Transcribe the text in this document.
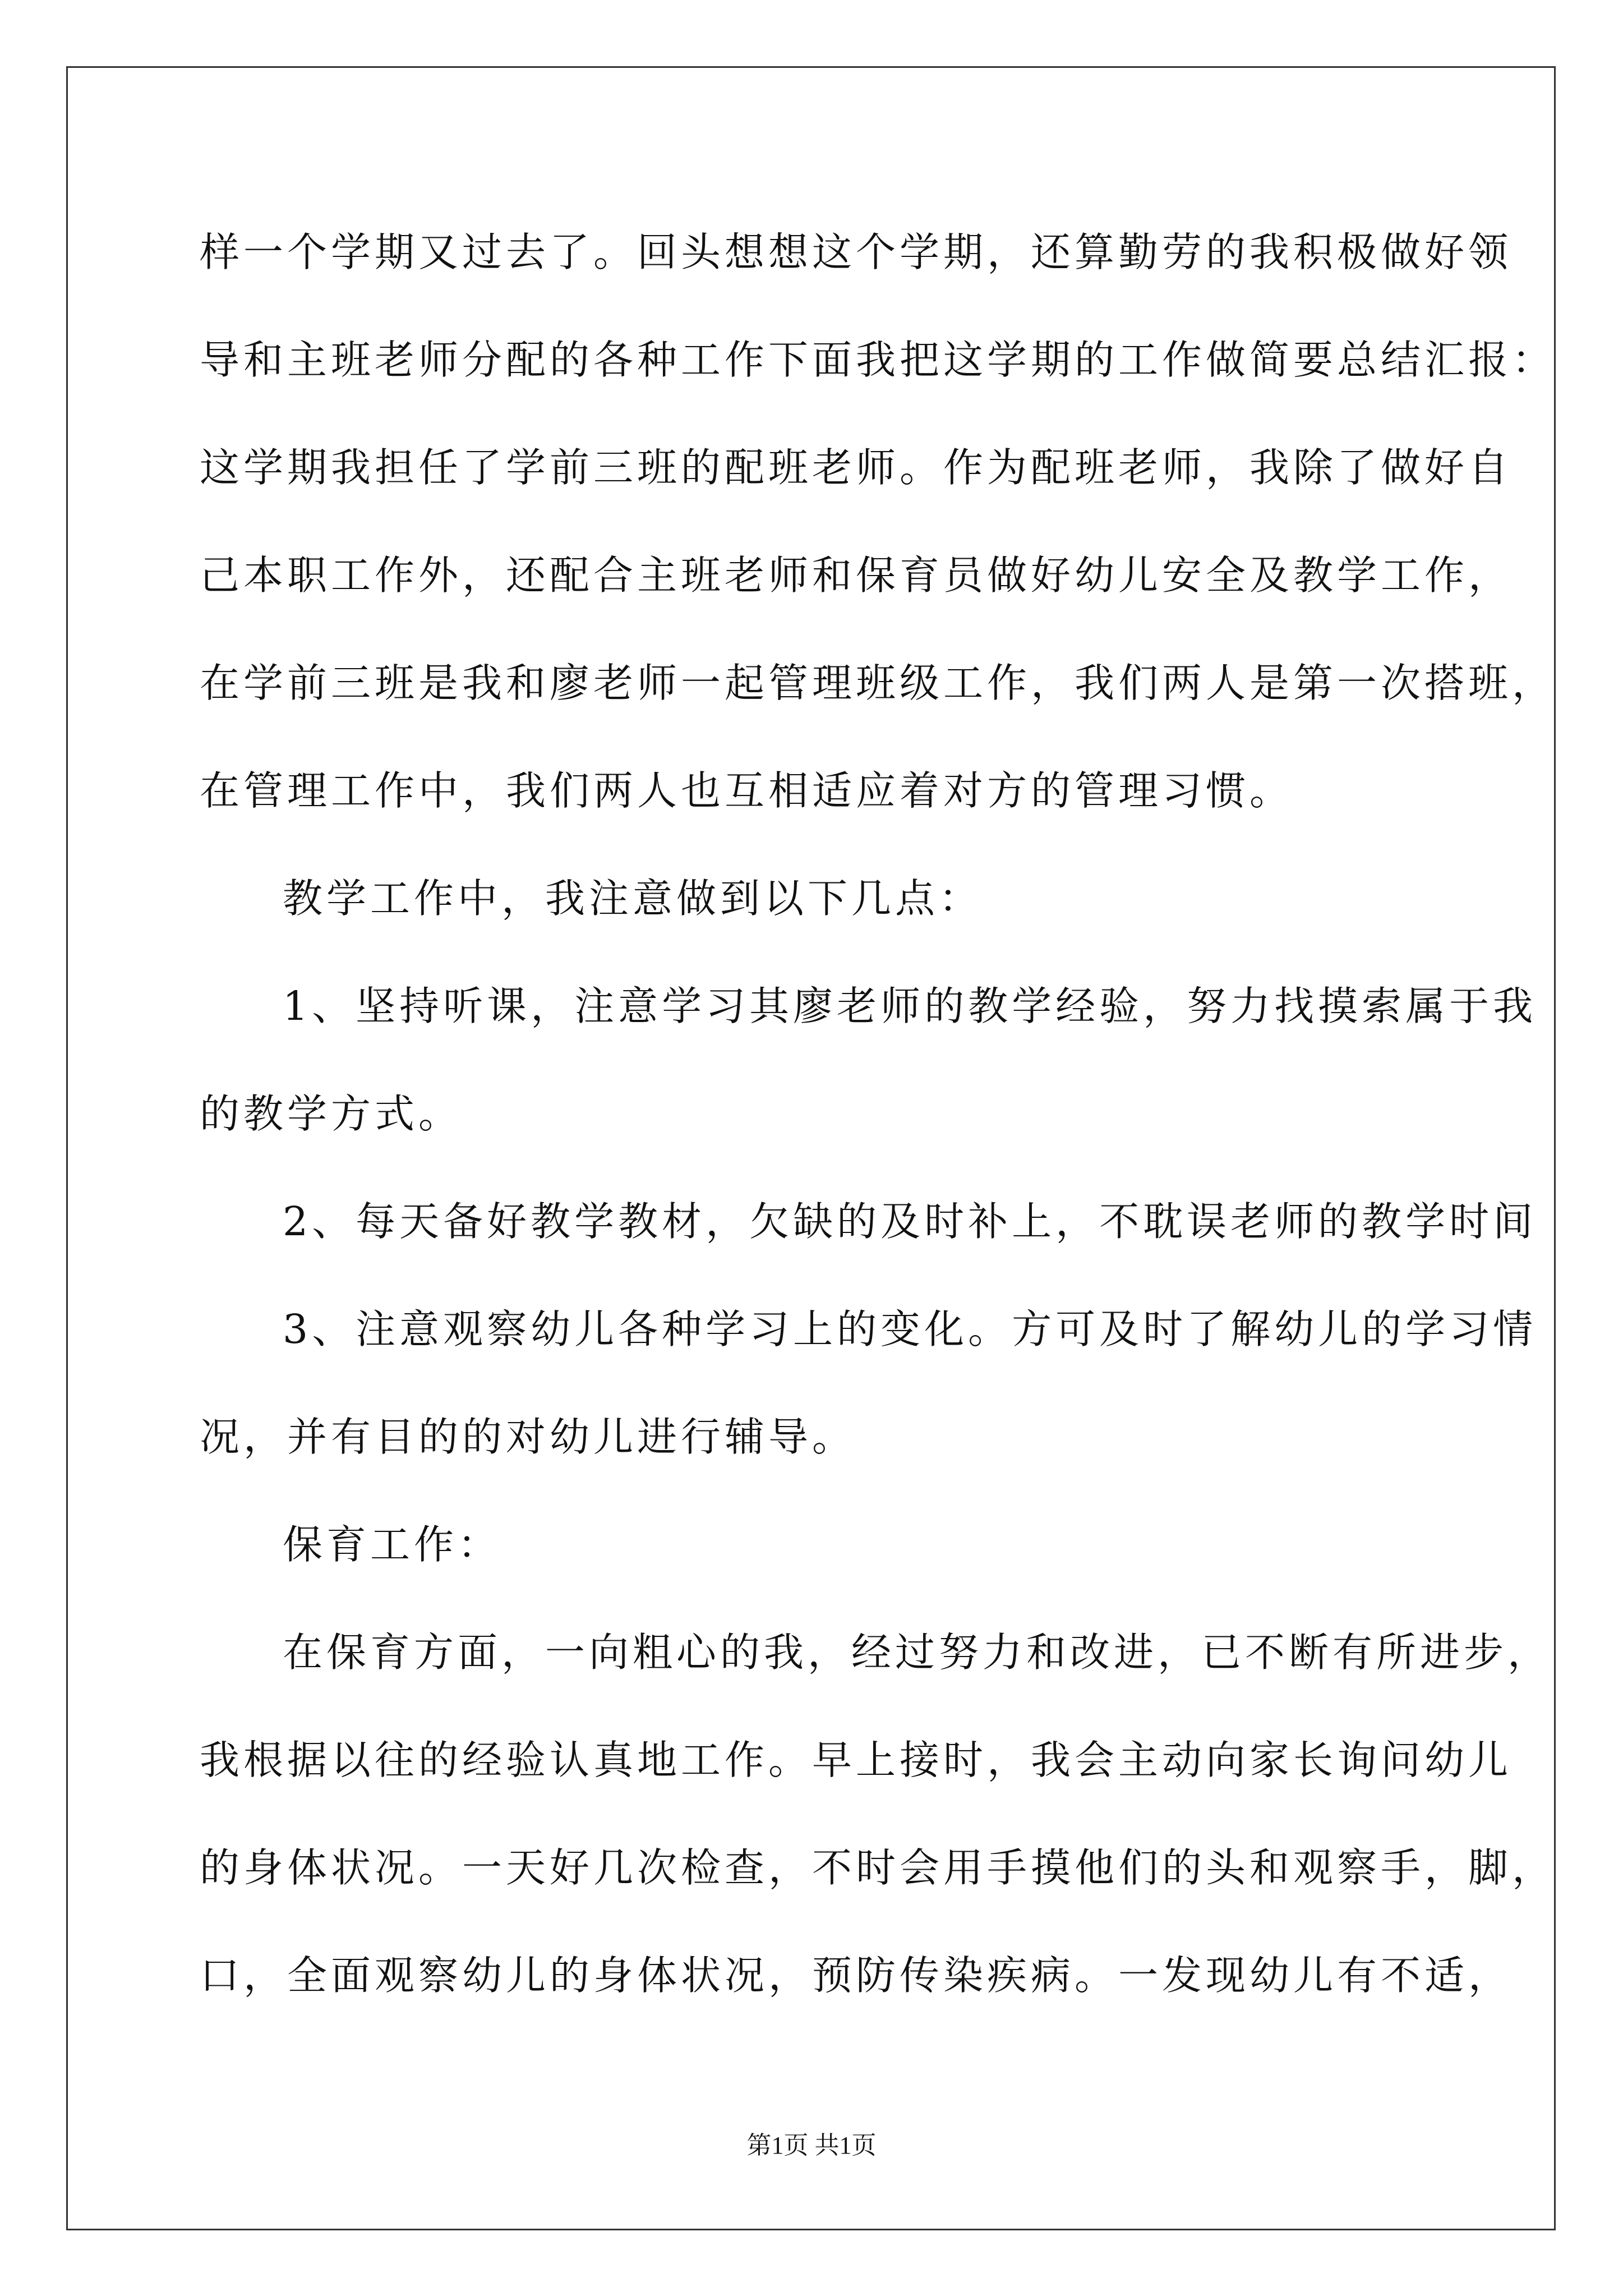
样一个学期又过去了。回头想想这个学期，还算勤劳的我积极做好领
导和主班老师分配的各种工作下面我把这学期的工作做简要总结汇报：
这学期我担任了学前三班的配班老师。作为配班老师，我除了做好自
己本职工作外，还配合主班老师和保育员做好幼儿安全及教学工作，
在学前三班是我和廖老师一起管理班级工作，我们两人是第一次搭班，
在管理工作中，我们两人也互相适应着对方的管理习惯。
教学工作中，我注意做到以下几点：
1、坚持听课，注意学习其廖老师的教学经验，努力找摸索属于我
的教学方式。
2、每天备好教学教材，欠缺的及时补上，不耽误老师的教学时间
3、注意观察幼儿各种学习上的变化。方可及时了解幼儿的学习情
况，并有目的的对幼儿进行辅导。
保育工作：
在保育方面，一向粗心的我，经过努力和改进，已不断有所进步，
我根据以往的经验认真地工作。早上接时，我会主动向家长询问幼儿
的身体状况。一天好几次检查，不时会用手摸他们的头和观察手，脚，
口，全面观察幼儿的身体状况，预防传染疾病。一发现幼儿有不适，
第1页 共1页
